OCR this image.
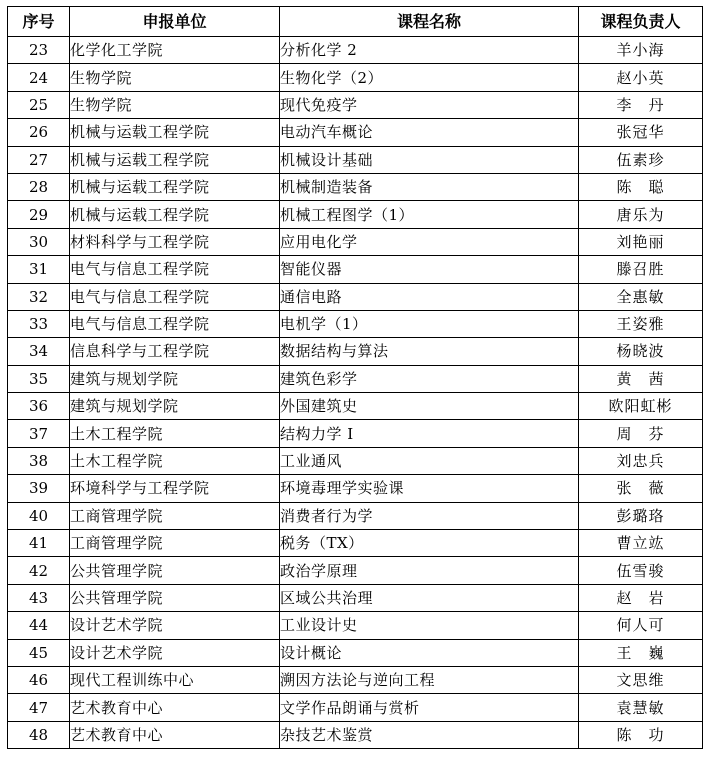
序号	申报单位	课程名称	课程负责人
23	化学化工学院	分析化学 2	羊小海
24	生物学院	生物化学（2）	赵小英
25	生物学院	现代免疫学	李　丹
26	机械与运载工程学院	电动汽车概论	张冠华
27	机械与运载工程学院	机械设计基础	伍素珍
28	机械与运载工程学院	机械制造装备	陈　聪
29	机械与运载工程学院	机械工程图学（1）	唐乐为
30	材料科学与工程学院	应用电化学	刘艳丽
31	电气与信息工程学院	智能仪器	滕召胜
32	电气与信息工程学院	通信电路	全惠敏
33	电气与信息工程学院	电机学（1）	王姿雅
34	信息科学与工程学院	数据结构与算法	杨晓波
35	建筑与规划学院	建筑色彩学	黄　茜
36	建筑与规划学院	外国建筑史	欧阳虹彬
37	土木工程学院	结构力学 I	周　芬
38	土木工程学院	工业通风	刘忠兵
39	环境科学与工程学院	环境毒理学实验课	张　薇
40	工商管理学院	消费者行为学	彭璐珞
41	工商管理学院	税务（TX）	曹立竑
42	公共管理学院	政治学原理	伍雪骏
43	公共管理学院	区域公共治理	赵　岩
44	设计艺术学院	工业设计史	何人可
45	设计艺术学院	设计概论	王　巍
46	现代工程训练中心	溯因方法论与逆向工程	文思维
47	艺术教育中心	文学作品朗诵与赏析	袁慧敏
48	艺术教育中心	杂技艺术鉴赏	陈　功
